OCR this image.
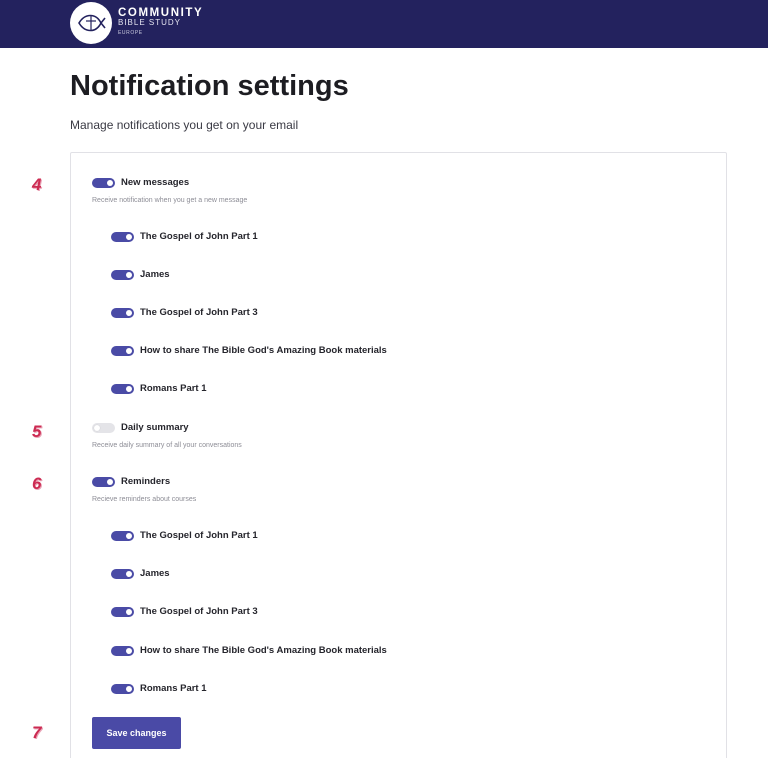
COMMUNITY
BIBLE STUDY
EUROPE
Notification settings
Manage notifications you get on your email
4
5
6
7
New messages
Receive notification when you get a new message
The Gospel of John Part 1
James
The Gospel of John Part 3
How to share The Bible God's Amazing Book materials
Romans Part 1
Daily summary
Receive daily summary of all your conversations
Reminders
Recieve reminders about courses
The Gospel of John Part 1
James
The Gospel of John Part 3
How to share The Bible God's Amazing Book materials
Romans Part 1
Save changes
